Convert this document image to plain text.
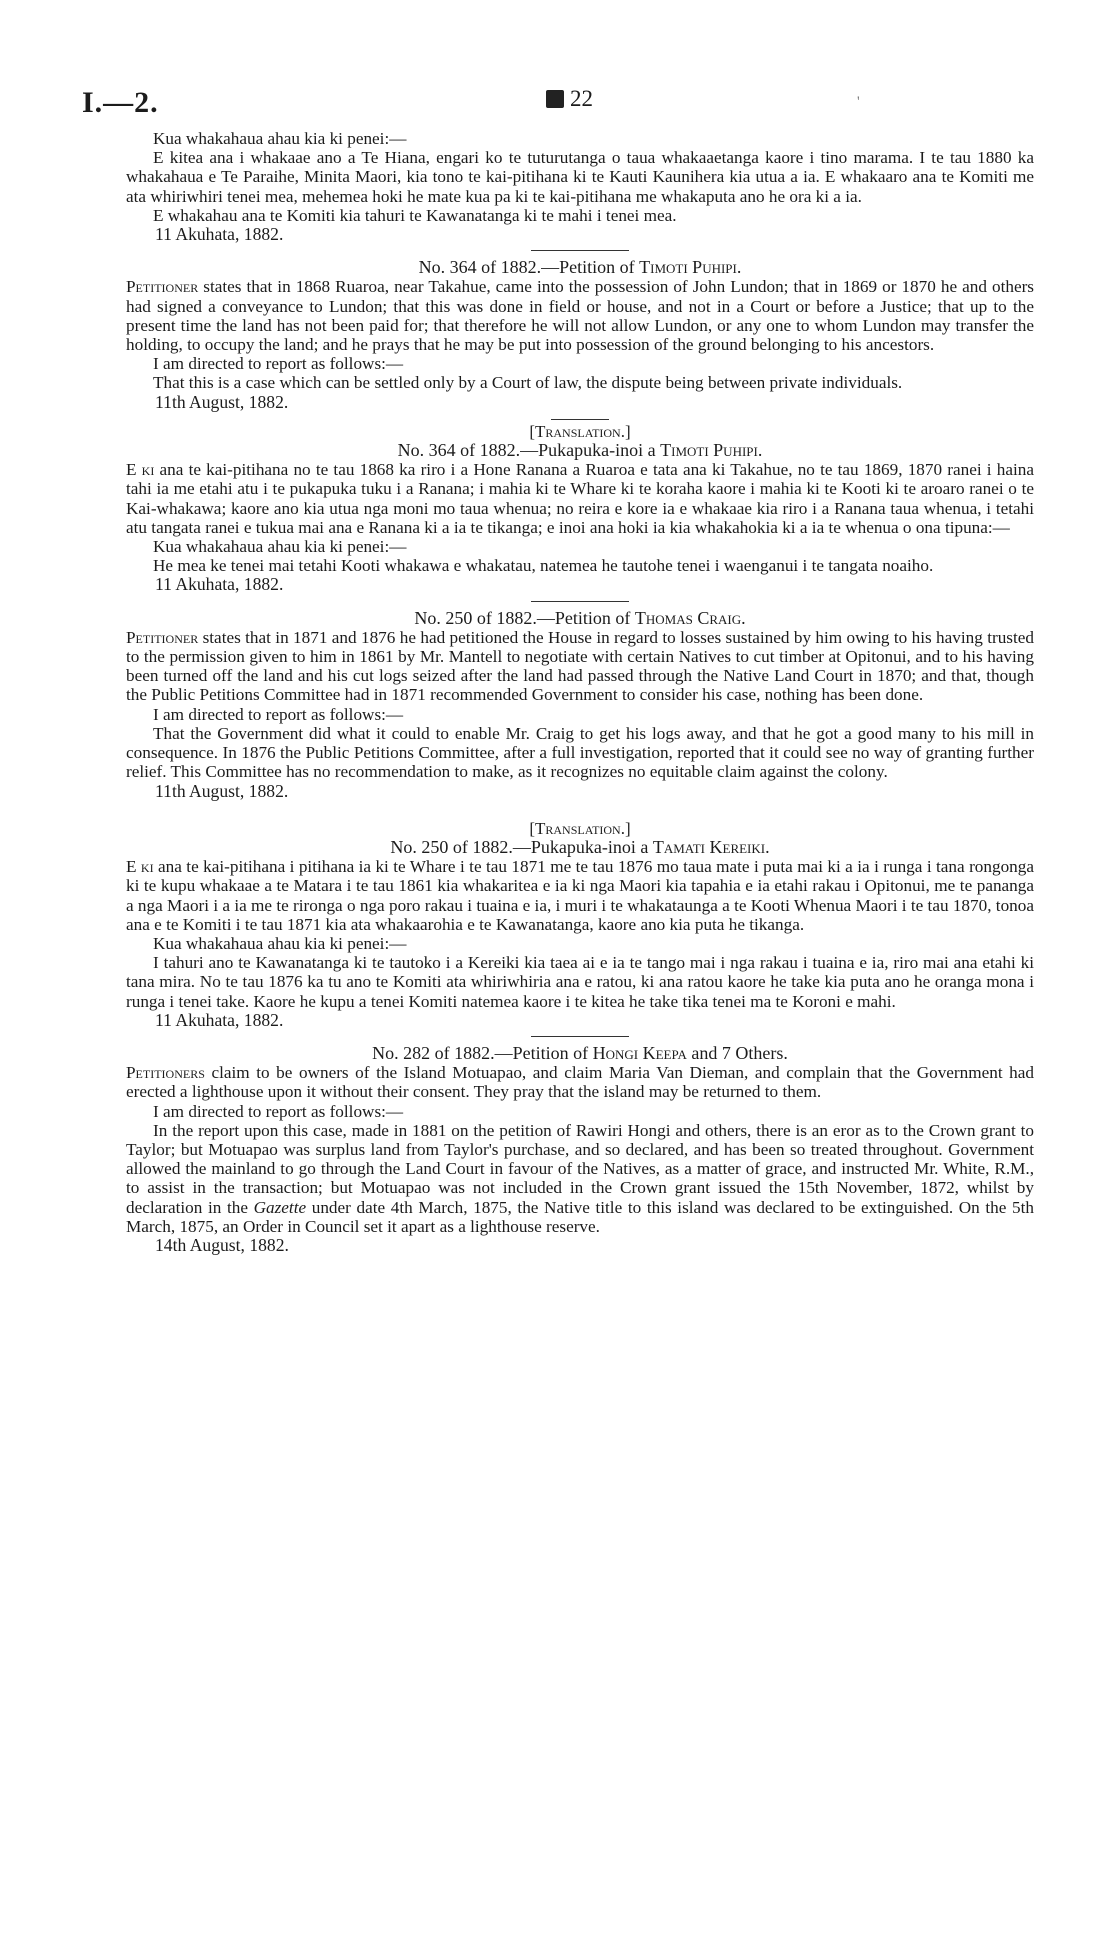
I.—2.	22	'

Kua whakahaua ahau kia ki penei:—

E kitea ana i whakaae ano a Te Hiana, engari ko te tuturutanga o taua whakaaetanga kaore i tino marama. I te tau 1880 ka whakahaua e Te Paraihe, Minita Maori, kia tono te kai-pitihana ki te Kauti Kaunihera kia utua a ia. E whakaaro ana te Komiti me ata whiriwhiri tenei mea, mehemea hoki he mate kua pa ki te kai-pitihana me whakaputa ano he ora ki a ia.

E whakahau ana te Komiti kia tahuri te Kawanatanga ki te mahi i tenei mea.

11 Akuhata, 1882.

No. 364 of 1882.—Petition of Timoti Puhipi.

Petitioner states that in 1868 Ruaroa, near Takahue, came into the possession of John Lundon; that in 1869 or 1870 he and others had signed a conveyance to Lundon; that this was done in field or house, and not in a Court or before a Justice; that up to the present time the land has not been paid for; that therefore he will not allow Lundon, or any one to whom Lundon may transfer the holding, to occupy the land; and he prays that he may be put into possession of the ground belonging to his ancestors.

I am directed to report as follows:—

That this is a case which can be settled only by a Court of law, the dispute being between private individuals.

11th August, 1882.

[Translation.]

No. 364 of 1882.—Pukapuka-inoi a Timoti Puhipi.

E ki ana te kai-pitihana no te tau 1868 ka riro i a Hone Ranana a Ruaroa e tata ana ki Takahue, no te tau 1869, 1870 ranei i haina tahi ia me etahi atu i te pukapuka tuku i a Ranana; i mahia ki te Whare ki te koraha kaore i mahia ki te Kooti ki te aroaro ranei o te Kai-whakawa; kaore ano kia utua nga moni mo taua whenua; no reira e kore ia e whakaae kia riro i a Ranana taua whenua, i tetahi atu tangata ranei e tukua mai ana e Ranana ki a ia te tikanga; e inoi ana hoki ia kia whakahokia ki a ia te whenua o ona tipuna:—

Kua whakahaua ahau kia ki penei:—

He mea ke tenei mai tetahi Kooti whakawa e whakatau, natemea he tautohe tenei i waenganui i te tangata noaiho.

11 Akuhata, 1882.

No. 250 of 1882.—Petition of Thomas Craig.

Petitioner states that in 1871 and 1876 he had petitioned the House in regard to losses sustained by him owing to his having trusted to the permission given to him in 1861 by Mr. Mantell to negotiate with certain Natives to cut timber at Opitonui, and to his having been turned off the land and his cut logs seized after the land had passed through the Native Land Court in 1870; and that, though the Public Petitions Committee had in 1871 recommended Government to consider his case, nothing has been done.

I am directed to report as follows:—

That the Government did what it could to enable Mr. Craig to get his logs away, and that he got a good many to his mill in consequence. In 1876 the Public Petitions Committee, after a full investigation, reported that it could see no way of granting further relief. This Committee has no recommendation to make, as it recognizes no equitable claim against the colony.

11th August, 1882.

[Translation.]

No. 250 of 1882.—Pukapuka-inoi a Tamati Kereiki.

E ki ana te kai-pitihana i pitihana ia ki te Whare i te tau 1871 me te tau 1876 mo taua mate i puta mai ki a ia i runga i tana rongonga ki te kupu whakaae a te Matara i te tau 1861 kia whakaritea e ia ki nga Maori kia tapahia e ia etahi rakau i Opitonui, me te pananga a nga Maori i a ia me te rironga o nga poro rakau i tuaina e ia, i muri i te whakataunga a te Kooti Whenua Maori i te tau 1870, tonoa ana e te Komiti i te tau 1871 kia ata whakaarohia e te Kawanatanga, kaore ano kia puta he tikanga.

Kua whakahaua ahau kia ki penei:—

I tahuri ano te Kawanatanga ki te tautoko i a Kereiki kia taea ai e ia te tango mai i nga rakau i tuaina e ia, riro mai ana etahi ki tana mira. No te tau 1876 ka tu ano te Komiti ata whiriwhiria ana e ratou, ki ana ratou kaore he take kia puta ano he oranga mona i runga i tenei take. Kaore he kupu a tenei Komiti natemea kaore i te kitea he take tika tenei ma te Koroni e mahi.

11 Akuhata, 1882.

No. 282 of 1882.—Petition of Hongi Keepa and 7 Others.

Petitioners claim to be owners of the Island Motuapao, and claim Maria Van Dieman, and complain that the Government had erected a lighthouse upon it without their consent. They pray that the island may be returned to them.

I am directed to report as follows:—

In the report upon this case, made in 1881 on the petition of Rawiri Hongi and others, there is an eror as to the Crown grant to Taylor; but Motuapao was surplus land from Taylor's purchase, and so declared, and has been so treated throughout. Government allowed the mainland to go through the Land Court in favour of the Natives, as a matter of grace, and instructed Mr. White, R.M., to assist in the transaction; but Motuapao was not included in the Crown grant issued the 15th November, 1872, whilst by declaration in the Gazette under date 4th March, 1875, the Native title to this island was declared to be extinguished. On the 5th March, 1875, an Order in Council set it apart as a lighthouse reserve.

14th August, 1882.
